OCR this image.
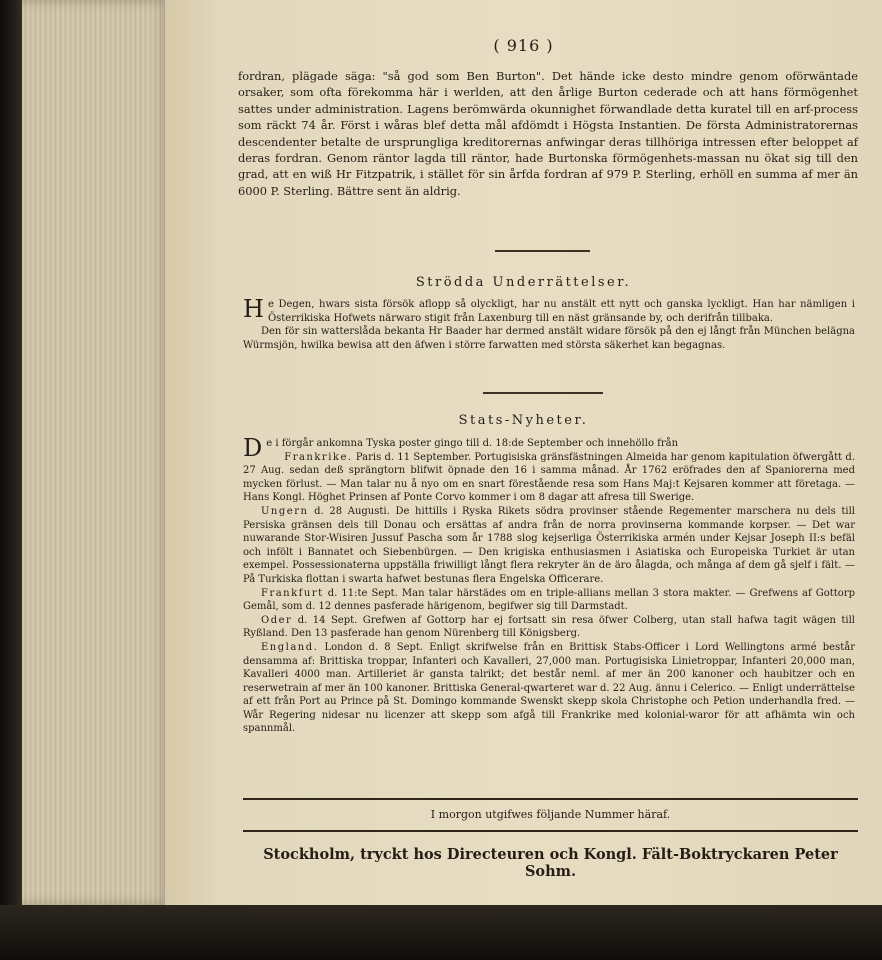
( 916 )
fordran, plägade säga: "så god som Ben Burton". Det hände icke desto mindre genom oförwäntade orsaker, som ofta förekomma här i werlden, att den årlige Burton cederade och att hans förmögenhet sattes under administration. Lagens berömwärda okunnighet förwandlade detta kuratel till en arf-process som räckt 74 år. Först i wåras blef detta mål afdömdt i Högsta Instantien. De första Administratorernas descendenter betalte de ursprungliga kreditorernas anfwingar deras tillhöriga intressen efter beloppet af deras fordran. Genom räntor lagda till räntor, hade Burtonska förmögenhets-massan nu ökat sig till den grad, att en wiß Hr Fitzpatrik, i stället för sin årfda fordran af 979 P. Sterling, erhöll en summa af mer än 6000 P. Sterling. Bättre sent än aldrig.
Strödda Underrättelser.

He Degen, hwars sista försök aflopp så olyckligt, har nu anstält ett nytt och ganska lyckligt. Han har nämligen i Österrikiska Hofwets närwaro stigit från Laxenburg till en näst gränsande by, och derifrån tillbaka.

Den för sin watterslåda bekanta Hr Baader har dermed anstält widare försök på den ej långt från München belägna Würmsjön, hwilka bewisa att den äfwen i större farwatten med största säkerhet kan begagnas.

Stats-Nyheter.

De i förgår ankomna Tyska poster gingo till d. 18:de September och innehöllo från

Frankrike. Paris d. 11 September. Portugisiska gränsfästningen Almeida har genom kapitulation öfwergått d. 27 Aug. sedan deß sprängtorn blifwit öpnade den 16 i samma månad. År 1762 eröfrades den af Spaniorerna med mycken förlust. — Man talar nu å nyo om en snart förestående resa som Hans Maj:t Kejsaren kommer att företaga. — Hans Kongl. Höghet Prinsen af Ponte Corvo kommer i om 8 dagar att afresa till Swerige.

Ungern d. 28 Augusti. De hittills i Ryska Rikets södra provinser stående Regementer marschera nu dels till Persiska gränsen dels till Donau och ersättas af andra från de norra provinserna kommande korpser. — Det war nuwarande Stor-Wisiren Jussuf Pascha som år 1788 slog kejserliga Österrikiska armén under Kejsar Joseph II:s befäl och infölt i Bannatet och Siebenbürgen. — Den krigiska enthusiasmen i Asiatiska och Europeiska Turkiet är utan exempel. Possessionaterna uppställa friwilligt långt flera rekryter än de äro ålagda, och många af dem gå sjelf i fält. — På Turkiska flottan i swarta hafwet bestunas flera Engelska Officerare.

Frankfurt d. 11:te Sept. Man talar härstädes om en triple-allians mellan 3 stora makter. — Grefwens af Gottorp Gemål, som d. 12 dennes pasferade härigenom, begifwer sig till Darmstadt.

Oder d. 14 Sept. Grefwen af Gottorp har ej fortsatt sin resa öfwer Colberg, utan stall hafwa tagit wägen till Ryßland. Den 13 pasferade han genom Nürenberg till Königsberg.

England. London d. 8 Sept. Enligt skrifwelse från en Brittisk Stabs-Officer i Lord Wellingtons armé består densamma af: Brittiska troppar, Infanteri och Kavalleri, 27,000 man. Portugisiska Linietroppar, Infanteri 20,000 man, Kavalleri 4000 man. Artilleriet är gansta talrikt; det består neml. af mer än 200 kanoner och haubitzer och en reserwetrain af mer än 100 kanoner. Brittiska General-qwarteret war d. 22 Aug. ännu i Celerico. — Enligt underrättelse af ett från Port au Prince på St. Domingo kommande Swenskt skepp skola Christophe och Petion underhandla fred. — Wår Regering nidesar nu licenzer att skepp som afgå till Frankrike med kolonial-waror för att afhämta win och spannmål.

I morgon utgifwes följande Nummer häraf.
Stockholm, tryckt hos Directeuren och Kongl. Fält-Boktryckaren Peter Sohm.
